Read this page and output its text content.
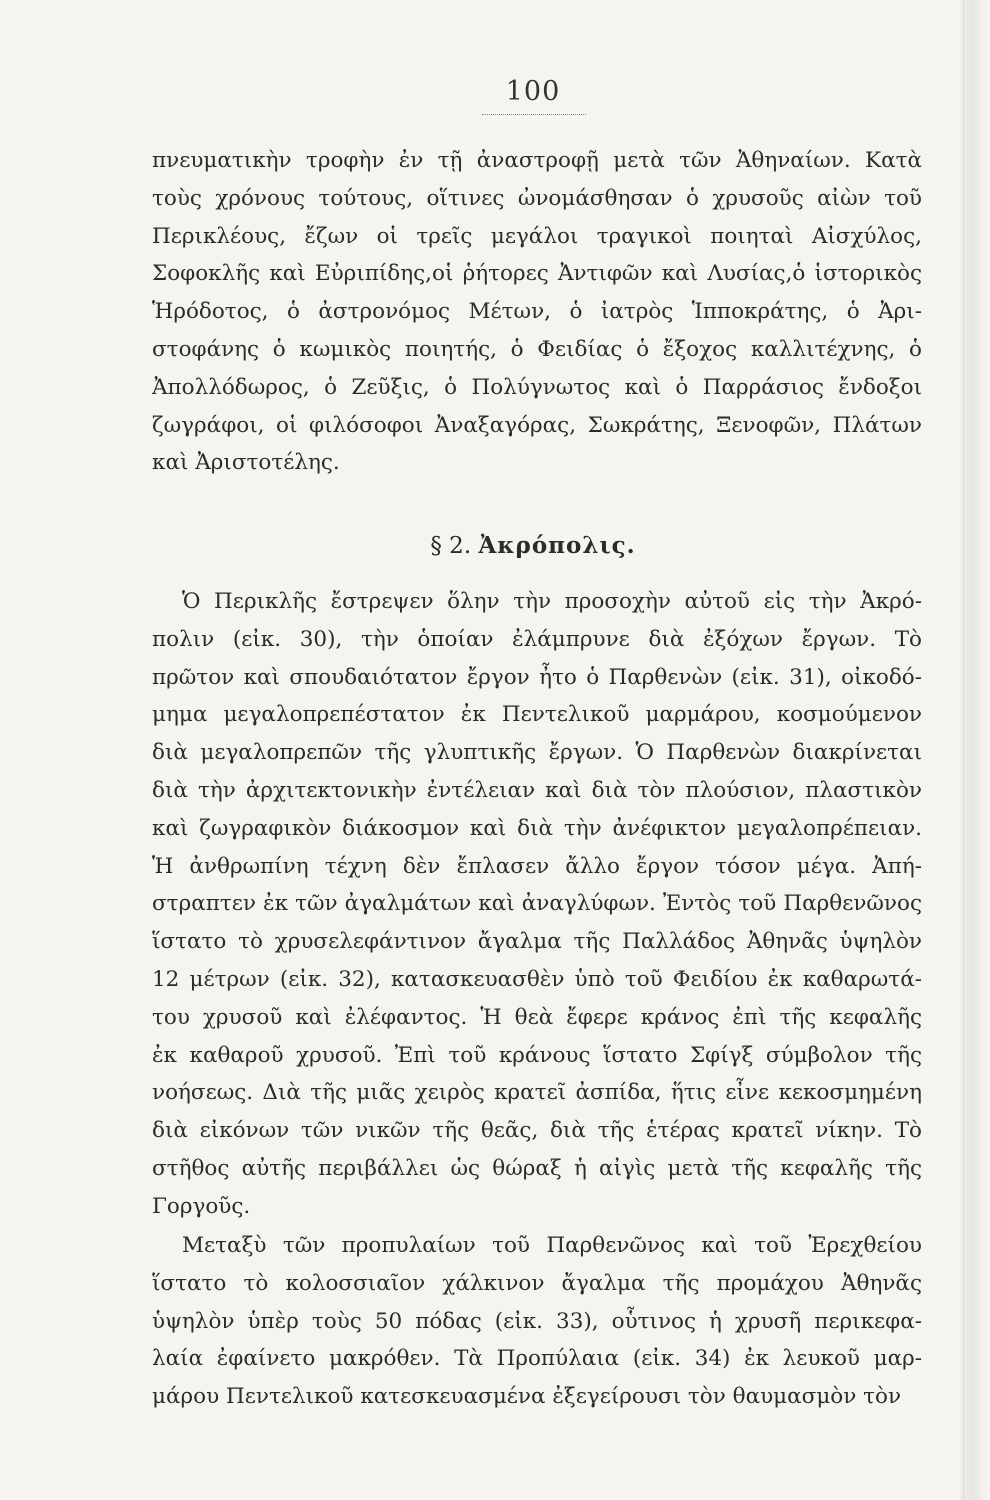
100
πνευματικὴν τροφὴν ἐν τῇ ἀναστροφῇ μετὰ τῶν Ἀθηναίων. Κατὰ
τοὺς χρόνους τούτους, οἵτινες ὠνομάσθησαν ὁ χρυσοῦς αἰὼν τοῦ
Περικλέους, ἔζων οἱ τρεῖς μεγάλοι τραγικοὶ ποιηταὶ Αἰσχύλος,
Σοφοκλῆς καὶ Εὐριπίδης,οἱ ῥήτορες Ἀντιφῶν καὶ Λυσίας,ὁ ἱστορικὸς
Ἡρόδοτος, ὁ ἀστρονόμος Μέτων, ὁ ἰατρὸς Ἱπποκράτης, ὁ Ἀρι-
στοφάνης ὁ κωμικὸς ποιητής, ὁ Φειδίας ὁ ἔξοχος καλλιτέχνης, ὁ
Ἀπολλόδωρος, ὁ Ζεῦξις, ὁ Πολύγνωτος καὶ ὁ Παρράσιος ἔνδοξοι
ζωγράφοι, οἱ φιλόσοφοι Ἀναξαγόρας, Σωκράτης, Ξενοφῶν, Πλάτων
καὶ Ἀριστοτέλης.
§ 2. Ἀκρόπολις.
Ὁ Περικλῆς ἔστρεψεν ὅλην τὴν προσοχὴν αὐτοῦ εἰς τὴν Ἀκρό-
πολιν (εἰκ. 30), τὴν ὁποίαν ἐλάμπρυνε διὰ ἐξόχων ἔργων. Τὸ
πρῶτον καὶ σπουδαιότατον ἔργον ἦτο ὁ Παρθενὼν (εἰκ. 31), οἰκοδό-
μημα μεγαλοπρεπέστατον ἐκ Πεντελικοῦ μαρμάρου, κοσμούμενον
διὰ μεγαλοπρεπῶν τῆς γλυπτικῆς ἔργων. Ὁ Παρθενὼν διακρίνεται
διὰ τὴν ἀρχιτεκτονικὴν ἐντέλειαν καὶ διὰ τὸν πλούσιον, πλαστικὸν
καὶ ζωγραφικὸν διάκοσμον καὶ διὰ τὴν ἀνέφικτον μεγαλοπρέπειαν.
Ἡ ἀνθρωπίνη τέχνη δὲν ἔπλασεν ἄλλο ἔργον τόσον μέγα. Ἀπή-
στραπτεν ἐκ τῶν ἀγαλμάτων καὶ ἀναγλύφων. Ἐντὸς τοῦ Παρθενῶνος
ἵστατο τὸ χρυσελεφάντινον ἄγαλμα τῆς Παλλάδος Ἀθηνᾶς ὑψηλὸν
12 μέτρων (εἰκ. 32), κατασκευασθὲν ὑπὸ τοῦ Φειδίου ἐκ καθαρωτά-
του χρυσοῦ καὶ ἐλέφαντος. Ἡ θεὰ ἔφερε κράνος ἐπὶ τῆς κεφαλῆς
ἐκ καθαροῦ χρυσοῦ. Ἐπὶ τοῦ κράνους ἵστατο Σφίγξ σύμβολον τῆς
νοήσεως. Διὰ τῆς μιᾶς χειρὸς κρατεῖ ἀσπίδα, ἥτις εἶνε κεκοσμημένη
διὰ εἰκόνων τῶν νικῶν τῆς θεᾶς, διὰ τῆς ἑτέρας κρατεῖ νίκην. Τὸ
στῆθος αὐτῆς περιβάλλει ὡς θώραξ ἡ αἰγὶς μετὰ τῆς κεφαλῆς τῆς
Γοργοῦς.
Μεταξὺ τῶν προπυλαίων τοῦ Παρθενῶνος καὶ τοῦ Ἐρεχθείου
ἵστατο τὸ κολοσσιαῖον χάλκινον ἄγαλμα τῆς προμάχου Ἀθηνᾶς
ὑψηλὸν ὑπὲρ τοὺς 50 πόδας (εἰκ. 33), οὗτινος ἡ χρυσῆ περικεφα-
λαία ἐφαίνετο μακρόθεν. Τὰ Προπύλαια (εἰκ. 34) ἐκ λευκοῦ μαρ-
μάρου Πεντελικοῦ κατεσκευασμένα ἐξεγείρουσι τὸν θαυμασμὸν τὸν
